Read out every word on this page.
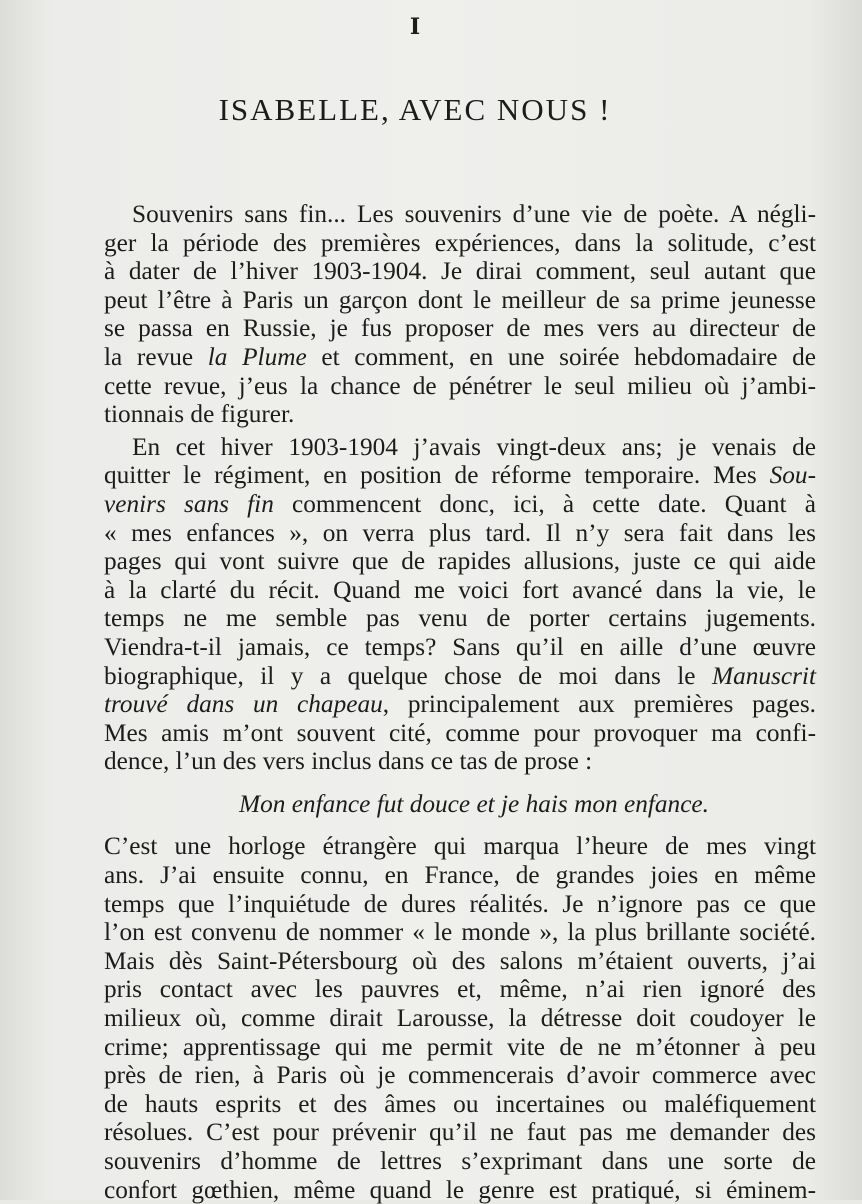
I
ISABELLE, AVEC NOUS !
Souvenirs sans fin... Les souvenirs d’une vie de poète. A négli-
ger la période des premières expériences, dans la solitude, c’est
à dater de l’hiver 1903-1904. Je dirai comment, seul autant que
peut l’être à Paris un garçon dont le meilleur de sa prime jeunesse
se passa en Russie, je fus proposer de mes vers au directeur de
la revue la Plume et comment, en une soirée hebdomadaire de
cette revue, j’eus la chance de pénétrer le seul milieu où j’ambi-
tionnais de figurer.
En cet hiver 1903-1904 j’avais vingt-deux ans; je venais de
quitter le régiment, en position de réforme temporaire. Mes Sou-
venirs sans fin commencent donc, ici, à cette date. Quant à
« mes enfances », on verra plus tard. Il n’y sera fait dans les
pages qui vont suivre que de rapides allusions, juste ce qui aide
à la clarté du récit. Quand me voici fort avancé dans la vie, le
temps ne me semble pas venu de porter certains jugements.
Viendra-t-il jamais, ce temps? Sans qu’il en aille d’une œuvre
biographique, il y a quelque chose de moi dans le Manuscrit
trouvé dans un chapeau, principalement aux premières pages.
Mes amis m’ont souvent cité, comme pour provoquer ma confi-
dence, l’un des vers inclus dans ce tas de prose :
Mon enfance fut douce et je hais mon enfance.
C’est une horloge étrangère qui marqua l’heure de mes vingt
ans. J’ai ensuite connu, en France, de grandes joies en même
temps que l’inquiétude de dures réalités. Je n’ignore pas ce que
l’on est convenu de nommer « le monde », la plus brillante société.
Mais dès Saint-Pétersbourg où des salons m’étaient ouverts, j’ai
pris contact avec les pauvres et, même, n’ai rien ignoré des
milieux où, comme dirait Larousse, la détresse doit coudoyer le
crime; apprentissage qui me permit vite de ne m’étonner à peu
près de rien, à Paris où je commencerais d’avoir commerce avec
de hauts esprits et des âmes ou incertaines ou maléfiquement
résolues. C’est pour prévenir qu’il ne faut pas me demander des
souvenirs d’homme de lettres s’exprimant dans une sorte de
confort gœthien, même quand le genre est pratiqué, si éminem-
